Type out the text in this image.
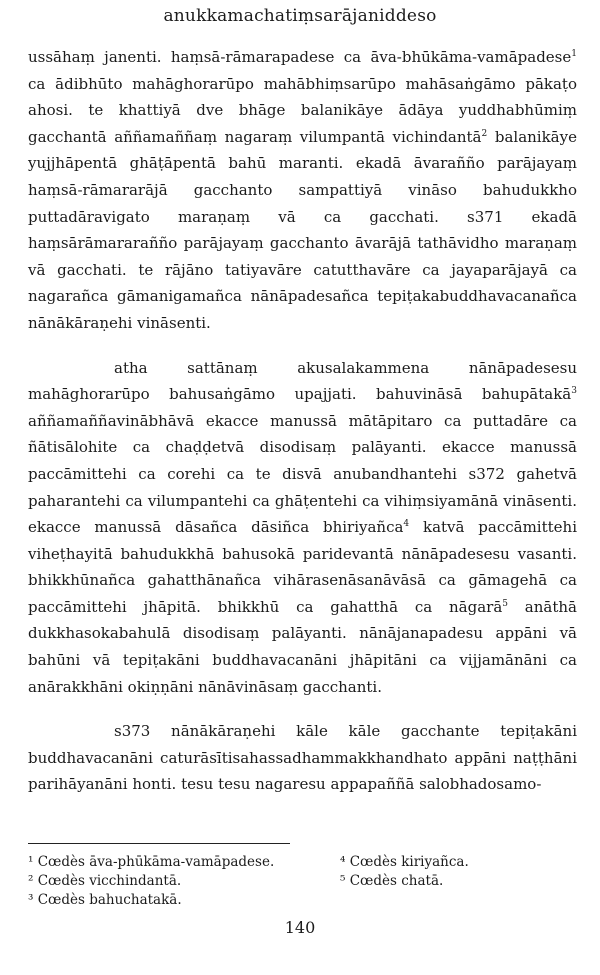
anukkamachatiṃsarājaniddeso

ussāhaṃ janenti. haṃsā-rāmarapadese ca āva-bhūkāma-vamāpadese$^1$ ca ādibhūto mahāghorarūpo mahābhiṃsarūpo mahāsaṅgāmo pākaṭo ahosi. te khattiyā dve bhāge balanikāye ādāya yuddhabhūmiṃ gacchantā aññamaññaṃ nagaraṃ vilumpantā vichindantā$^2$ balanikāye yujjhāpentā ghāṭāpentā bahū maranti. ekadā āvarañño parājayaṃ haṃsā-rāmararājā gacchanto sampattiyā vināso bahudukkho puttadāravigato maraṇaṃ vā ca gacchati. s371 ekadā haṃsārāmararañño parājayaṃ gacchanto āvarājā tathāvidho maraṇaṃ vā gacchati. te rājāno tatiyavāre catutthavāre ca jayaparājayā ca nagarañca gāmanigamañca nānāpadesañca tepiṭakabuddhavacanañca nānākāraṇehi vināsenti.

atha sattānaṃ akusalakammena nānāpadesesu mahāghorarūpo bahusaṅgāmo upajjati. bahuvināsā bahupātakā$^3$ aññamaññavinābhāvā ekacce manussā mātāpitaro ca puttadāre ca ñātisālohite ca chaḍḍetvā disodisaṃ palāyanti. ekacce manussā paccāmittehi ca corehi ca te disvā anubandhantehi s372 gahetvā paharantehi ca vilumpantehi ca ghāṭentehi ca vihiṃsiyamānā vināsenti. ekacce manussā dāsañca dāsiñca bhiriyañca$^4$ katvā paccāmittehi viheṭhayitā bahudukkhā bahusokā paridevantā nānāpadesesu vasanti. bhikkhūnañca gahatthānañca vihārasenāsanāvāsā ca gāmagehā ca paccāmittehi jhāpitā. bhikkhū ca gahatthā ca nāgarā$^5$ anāthā dukkhasokabahulā disodisaṃ palāyanti. nānājanapadesu appāni vā bahūni vā tepiṭakāni buddhavacanāni jhāpitāni ca vijjamānāni ca anārakkhāni okiṇṇāni nānāvināsaṃ gacchanti.

s373 nānākāraṇehi kāle kāle gacchante tepiṭakāni buddhavacanāni caturāsītisahassadhammakkhandhato appāni naṭṭhāni parihāyanāni honti. tesu tesu nagaresu appapaññā salobhadosamo-

¹ Cœdès āva-phūkāma-vamāpadese.
² Cœdès vicchindantā.
³ Cœdès bahuchatakā.
⁴ Cœdès kiriyañca.
⁵ Cœdès chatā.
140
